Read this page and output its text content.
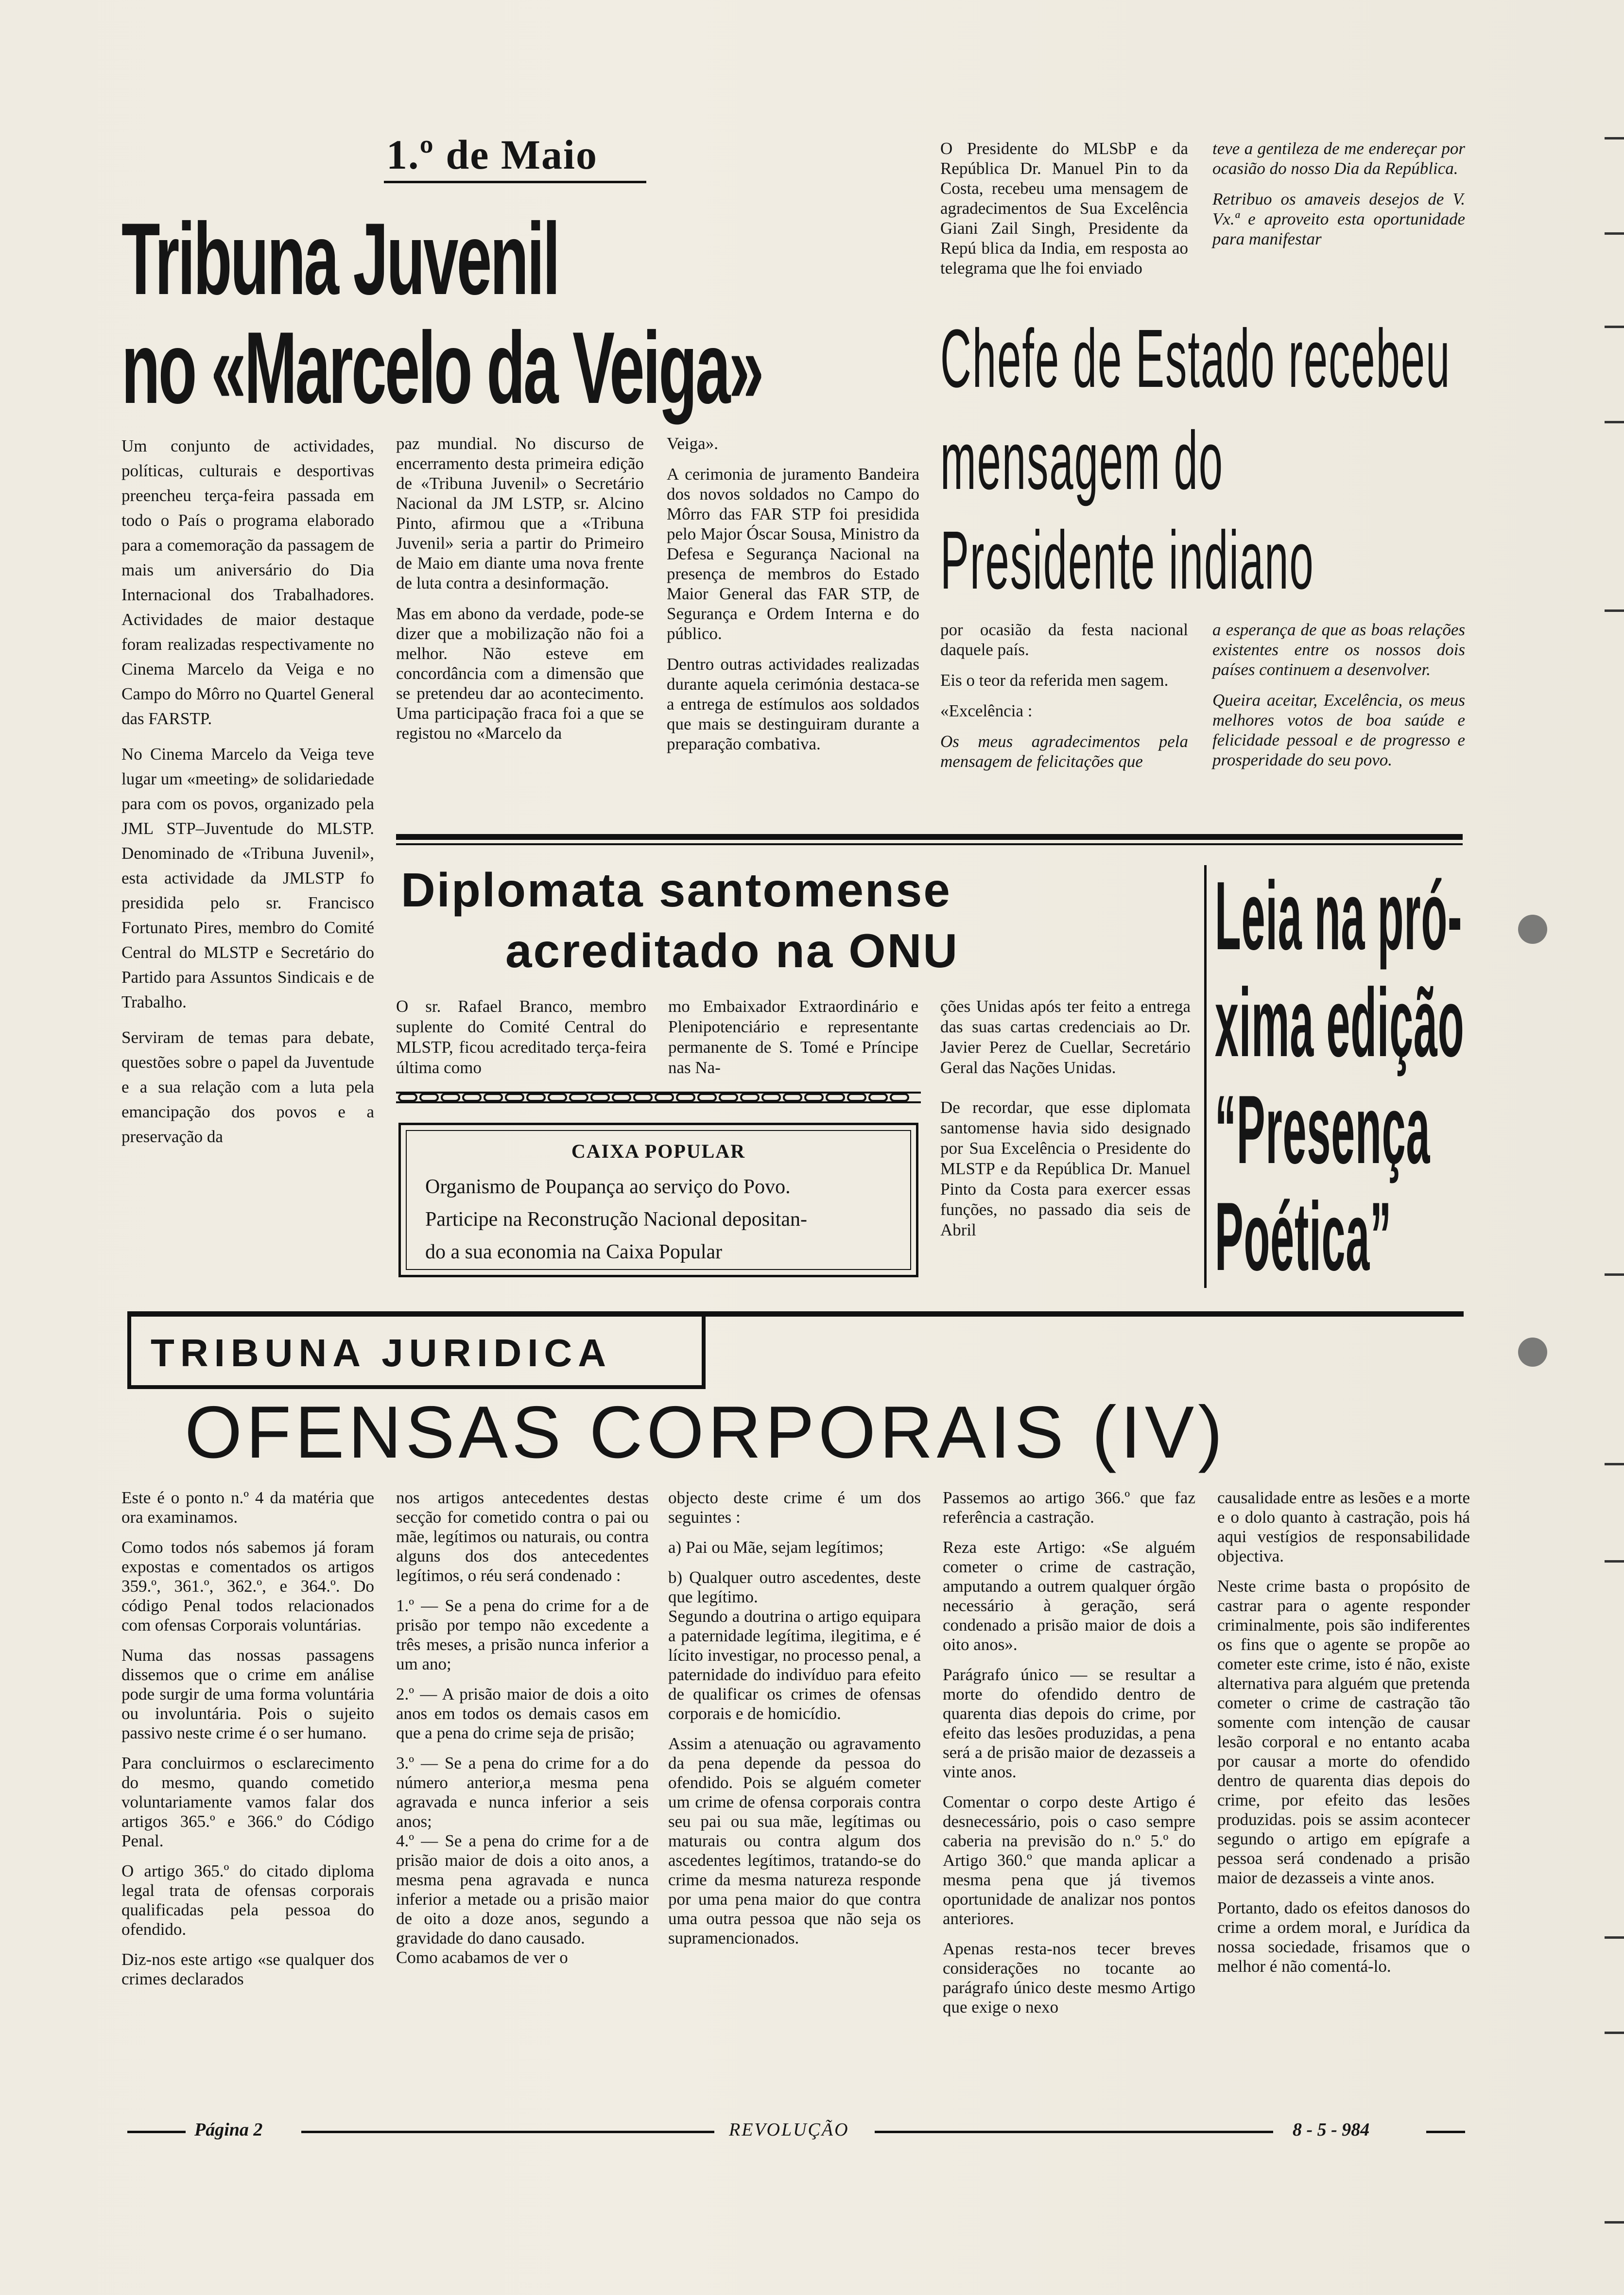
1.º de Maio
Tribuna Juvenil
no «Marcelo da Veiga»

Um conjunto de actividades, políticas, culturais e desportivas preencheu terça-feira passada em todo o País o programa elaborado para a comemoração da passagem de mais um aniversário do Dia Internacional dos Trabalhadores. Actividades de maior destaque foram realizadas respectivamente no Cinema Marcelo da Veiga e no Campo do Môrro no Quartel General das FARSTP.

No Cinema Marcelo da Veiga teve lugar um «meeting» de solidariedade para com os povos, organizado pela JML STP–Juventude do MLSTP. Denominado de «Tribuna Juvenil», esta actividade da JMLSTP fo presidida pelo sr. Francisco Fortunato Pires, membro do Comité Central do MLSTP e Secretário do Partido para Assuntos Sindicais e de Trabalho.

Serviram de temas para debate, questões sobre o papel da Juventude e a sua relação com a luta pela emancipação dos povos e a preservação da

paz mundial. No discurso de encerramento desta primeira edição de «Tribuna Juvenil» o Secretário Nacional da JM LSTP, sr. Alcino Pinto, afirmou que a «Tribuna Juvenil» seria a partir do Primeiro de Maio em diante uma nova frente de luta contra a desinformação.

Mas em abono da verdade, pode-se dizer que a mobilização não foi a melhor. Não esteve em concordância com a dimensão que se pretendeu dar ao acontecimento. Uma participação fraca foi a que se registou no «Marcelo da

Veiga».

A cerimonia de juramento Bandeira dos novos soldados no Campo do Môrro das FAR STP foi presidida pelo Major Óscar Sousa, Ministro da Defesa e Segurança Nacional na presença de membros do Estado Maior General das FAR STP, de Segurança e Ordem Interna e do público.

Dentro outras actividades realizadas durante aquela cerimónia destaca-se a entrega de estímulos aos soldados que mais se destinguiram durante a preparação combativa.

O Presidente do MLSbP e da República Dr. Manuel Pin to da Costa, recebeu uma mensagem de agradecimentos de Sua Excelência Giani Zail Singh, Presidente da Repú blica da India, em resposta ao telegrama que lhe foi enviado

teve a gentileza de me endereçar por ocasião do nosso Dia da República.

Retribuo os amaveis desejos de V. Vx.ª e aproveito esta oportunidade para manifestar

Chefe de Estado recebeu
mensagem do
Presidente indiano

por ocasião da festa nacional daquele país.

Eis o teor da referida men sagem.

«Excelência :

Os meus agradecimentos pela mensagem de felicitações que

a esperança de que as boas relações existentes entre os nossos dois países continuem a desenvolver.

Queira aceitar, Excelência, os meus melhores votos de boa saúde e felicidade pessoal e de progresso e prosperidade do seu povo.

Diplomata santomense
acreditado na ONU

O sr. Rafael Branco, membro suplente do Comité Central do MLSTP, ficou acreditado terça-feira última como

mo Embaixador Extraordinário e Plenipotenciário e representante permanente de S. Tomé e Príncipe nas Na-

ções Unidas após ter feito a entrega das suas cartas credenciais ao Dr. Javier Perez de Cuellar, Secretário Geral das Nações Unidas.

De recordar, que esse diplomata santomense havia sido designado por Sua Excelência o Presidente do MLSTP e da República Dr. Manuel Pinto da Costa para exercer essas funções, no passado dia seis de Abril

CAIXA POPULAR
Organismo de Poupança ao serviço do Povo.
Participe na Reconstrução Nacional depositan-
do a sua economia na Caixa Popular
Leia na pró-
xima edição
“Presença
Poética”
TRIBUNA JURIDICA
OFENSAS CORPORAIS (IV)

Este é o ponto n.º 4 da matéria que ora examinamos.

Como todos nós sabemos já foram expostas e comentados os artigos 359.º, 361.º, 362.º, e 364.º. Do código Penal todos relacionados com ofensas Corporais voluntárias.

Numa das nossas passagens dissemos que o crime em análise pode surgir de uma forma voluntária ou involuntária. Pois o sujeito passivo neste crime é o ser humano.

Para concluirmos o esclarecimento do mesmo, quando cometido voluntariamente vamos falar dos artigos 365.º e 366.º do Código Penal.

O artigo 365.º do citado diploma legal trata de ofensas corporais qualificadas pela pessoa do ofendido.

Diz-nos este artigo «se qualquer dos crimes declarados

nos artigos antecedentes destas secção for cometido contra o pai ou mãe, legítimos ou naturais, ou contra alguns dos dos antecedentes legítimos, o réu será condenado :

1.º — Se a pena do crime for a de prisão por tempo não excedente a três meses, a prisão nunca inferior a um ano;

2.º — A prisão maior de dois a oito anos em todos os demais casos em que a pena do crime seja de prisão;

3.º — Se a pena do crime for a do número anterior,a mesma pena agravada e nunca inferior a seis anos;
4.º — Se a pena do crime for a de prisão maior de dois a oito anos, a mesma pena agravada e nunca inferior a metade ou a prisão maior de oito a doze anos, segundo a gravidade do dano causado.
Como acabamos de ver o

objecto deste crime é um dos seguintes :

a) Pai ou Mãe, sejam legítimos;

b) Qualquer outro ascedentes, deste que legítimo.
Segundo a doutrina o artigo equipara a paternidade legítima, ilegitima, e é lícito investigar, no processo penal, a paternidade do indivíduo para efeito de qualificar os crimes de ofensas corporais e de homicídio.

Assim a atenuação ou agravamento da pena depende da pessoa do ofendido. Pois se alguém cometer um crime de ofensa corporais contra seu pai ou sua mãe, legítimas ou maturais ou contra algum dos ascedentes legítimos, tratando-se do crime da mesma natureza responde por uma pena maior do que contra uma outra pessoa que não seja os supramencionados.

Passemos ao artigo 366.º que faz referência a castração.

Reza este Artigo: «Se alguém cometer o crime de castração, amputando a outrem qualquer órgão necessário à geração, será condenado a prisão maior de dois a oito anos».

Parágrafo único — se resultar a morte do ofendido dentro de quarenta dias depois do crime, por efeito das lesões produzidas, a pena será a de prisão maior de dezasseis a vinte anos.

Comentar o corpo deste Artigo é desnecessário, pois o caso sempre caberia na previsão do n.º 5.º do Artigo 360.º que manda aplicar a mesma pena que já tivemos oportunidade de analizar nos pontos anteriores.

Apenas resta-nos tecer breves considerações no tocante ao parágrafo único deste mesmo Artigo que exige o nexo

causalidade entre as lesões e a morte e o dolo quanto à castração, pois há aqui vestígios de responsabilidade objectiva.

Neste crime basta o propósito de castrar para o agente responder criminalmente, pois são indiferentes os fins que o agente se propõe ao cometer este crime, isto é não, existe alternativa para alguém que pretenda cometer o crime de castração tão somente com intenção de causar lesão corporal e no entanto acaba por causar a morte do ofendido dentro de quarenta dias depois do crime, por efeito das lesões produzidas. pois se assim acontecer segundo o artigo em epígrafe a pessoa será condenado a prisão maior de dezasseis a vinte anos.

Portanto, dado os efeitos danosos do crime a ordem moral, e Jurídica da nossa sociedade, frisamos que o melhor é não comentá-lo.

Página 2	REVOLUÇÃO	8 - 5 - 984
